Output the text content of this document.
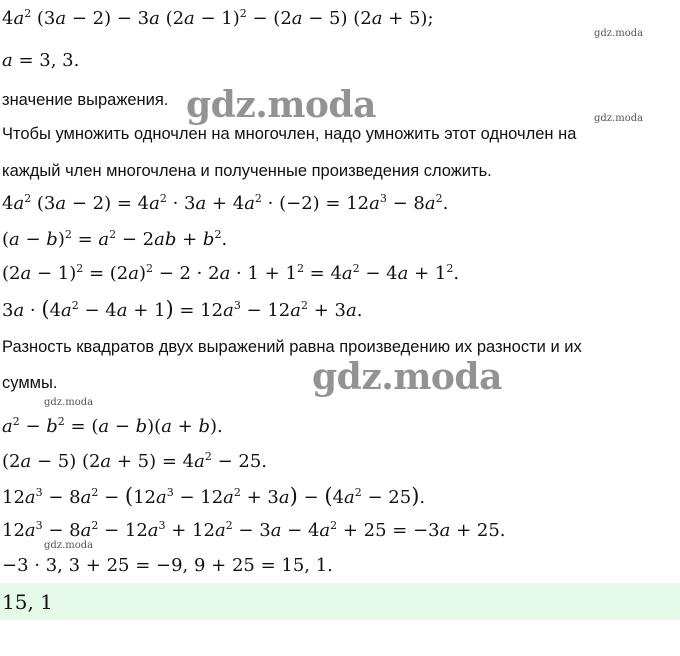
$4a^2$ (3a − 2) − 3a $(2a - 1)^2 - (2a - 5)$ (2a + 5);
gdz.moda
a = 3, 3.
значение выражения. gdz.moda	gdz.moda
Чтобы умножить одночлен на многочлен, надо умножить этот одночлен на
каждый член многочлена и полученные произведения сложить.
$4a^2$ $(3a - 2) = 4a^2 \cdot 3a + 4a^2 \cdot (-2) = 12a^3 - 8a^2$.
$(a - b)^2 = a^2 - 2ab + b^2$.
$(2a - 1)^2 = (2a)^2 - 2 \cdot 2a \cdot 1 + 1^2 = 4a^2 - 4a + 1^2$.
$3a \cdot (4a^2 - 4a + 1) = 12a^3 - 12a^2 + 3a$.
Разность квадратов двух выражений равна произведению их разности и их
суммы.	gdz.moda
gdz.moda
$a^2 - b^2 = (a - b)(a + b)$.
(2a − 5) $(2a + 5) = 4a^2 - 25$.
$12a^3 - 8a^2 - (12a^3 - 12a^2 + 3a) - (4a^2 - 25)$.
$12a^3 - 8a^2 - 12a^3 + 12a^2 - 3a - 4a^2 + 25 = -3a + 25$.
gdz.moda
−3 · 3, 3 + 25 = −9, 9 + 25 = 15, 1.
15, 1
